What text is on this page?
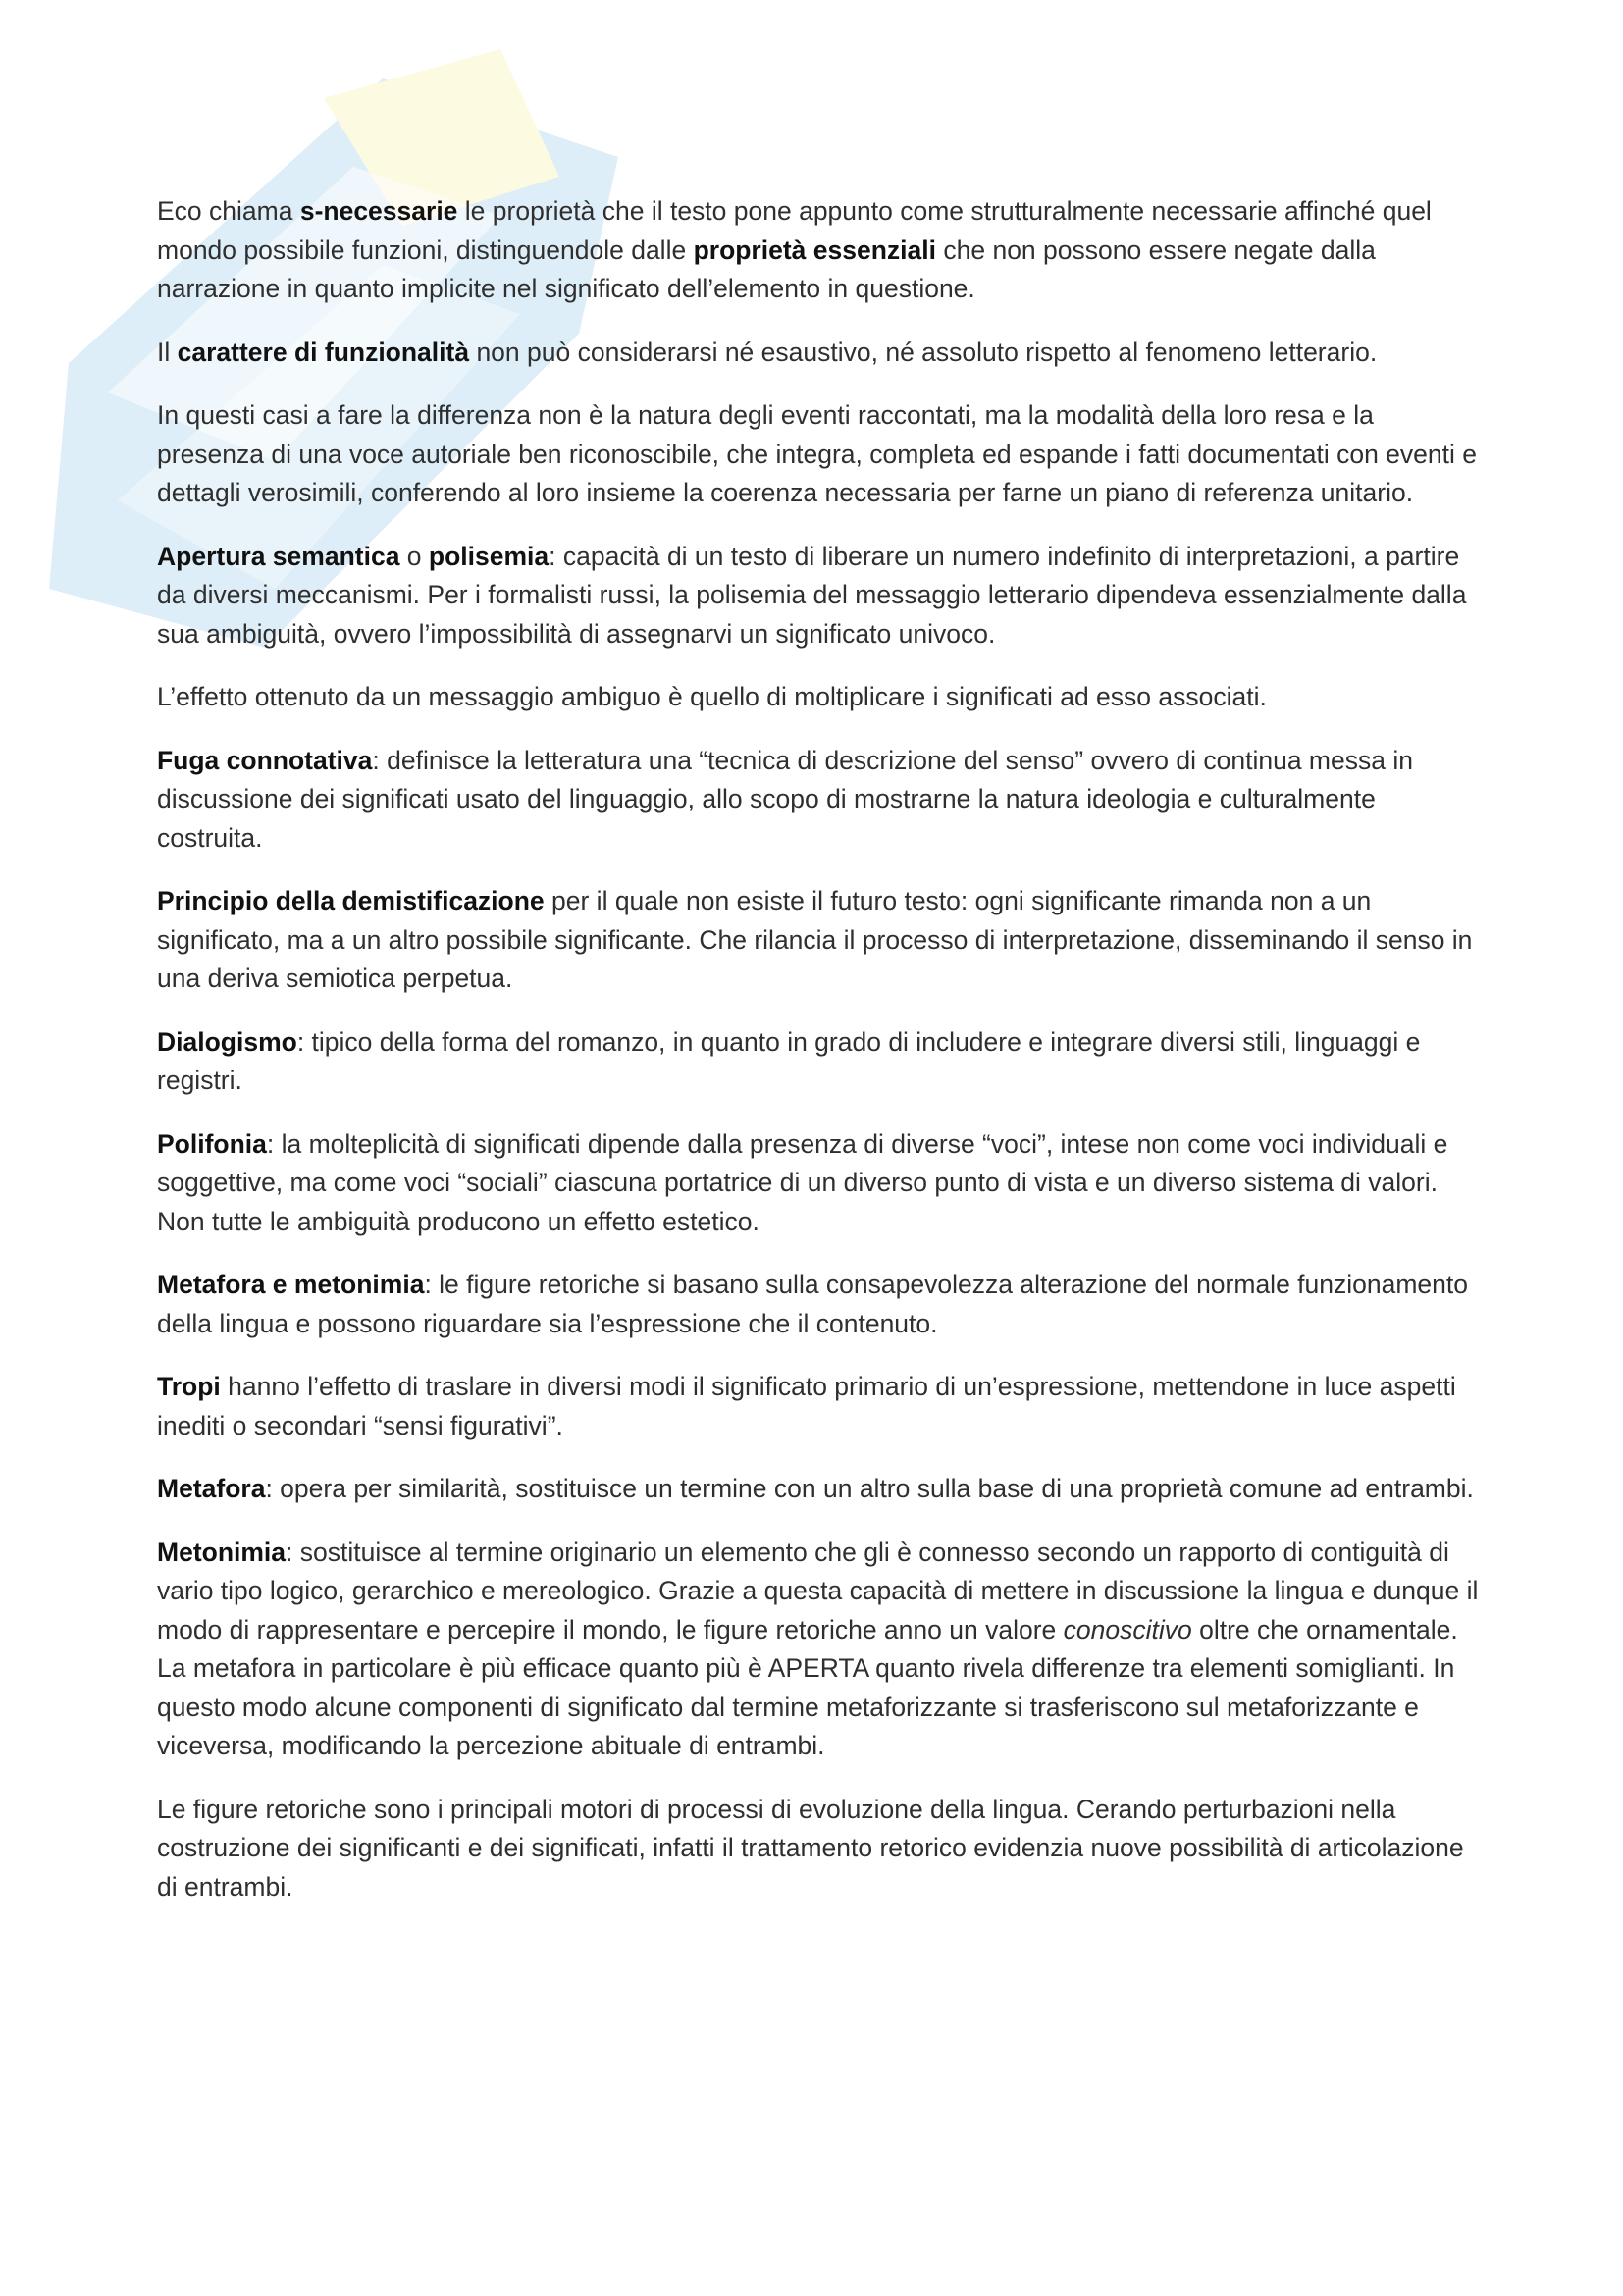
Eco chiama s-necessarie le proprietà che il testo pone appunto come strutturalmente necessarie affinché quel mondo possibile funzioni, distinguendole dalle proprietà essenziali che non possono essere negate dalla narrazione in quanto implicite nel significato dell’elemento in questione.

Il carattere di funzionalità non può considerarsi né esaustivo, né assoluto rispetto al fenomeno letterario.

In questi casi a fare la differenza non è la natura degli eventi raccontati, ma la modalità della loro resa e la presenza di una voce autoriale ben riconoscibile, che integra, completa ed espande i fatti documentati con eventi e dettagli verosimili, conferendo al loro insieme la coerenza necessaria per farne un piano di referenza unitario.

Apertura semantica o polisemia: capacità di un testo di liberare un numero indefinito di interpretazioni, a partire da diversi meccanismi. Per i formalisti russi, la polisemia del messaggio letterario dipendeva essenzialmente dalla sua ambiguità, ovvero l’impossibilità di assegnarvi un significato univoco.

L’effetto ottenuto da un messaggio ambiguo è quello di moltiplicare i significati ad esso associati.

Fuga connotativa: definisce la letteratura una “tecnica di descrizione del senso” ovvero di continua messa in discussione dei significati usato del linguaggio, allo scopo di mostrarne la natura ideologia e culturalmente costruita.

Principio della demistificazione per il quale non esiste il futuro testo: ogni significante rimanda non a un significato, ma a un altro possibile significante. Che rilancia il processo di interpretazione, disseminando il senso in una deriva semiotica perpetua.

Dialogismo: tipico della forma del romanzo, in quanto in grado di includere e integrare diversi stili, linguaggi e registri.

Polifonia: la molteplicità di significati dipende dalla presenza di diverse “voci”, intese non come voci individuali e soggettive, ma come voci “sociali” ciascuna portatrice di un diverso punto di vista e un diverso sistema di valori. Non tutte le ambiguità producono un effetto estetico.

Metafora e metonimia: le figure retoriche si basano sulla consapevolezza alterazione del normale funzionamento della lingua e possono riguardare sia l’espressione che il contenuto.

Tropi hanno l’effetto di traslare in diversi modi il significato primario di un’espressione, mettendone in luce aspetti inediti o secondari “sensi figurativi”.

Metafora: opera per similarità, sostituisce un termine con un altro sulla base di una proprietà comune ad entrambi.

Metonimia: sostituisce al termine originario un elemento che gli è connesso secondo un rapporto di contiguità di vario tipo logico, gerarchico e mereologico. Grazie a questa capacità di mettere in discussione la lingua e dunque il modo di rappresentare e percepire il mondo, le figure retoriche anno un valore conoscitivo oltre che ornamentale. La metafora in particolare è più efficace quanto più è APERTA quanto rivela differenze tra elementi somiglianti. In questo modo alcune componenti di significato dal termine metaforizzante si trasferiscono sul metaforizzante e viceversa, modificando la percezione abituale di entrambi.

Le figure retoriche sono i principali motori di processi di evoluzione della lingua. Cerando perturbazioni nella costruzione dei significanti e dei significati, infatti il trattamento retorico evidenzia nuove possibilità di articolazione di entrambi.
